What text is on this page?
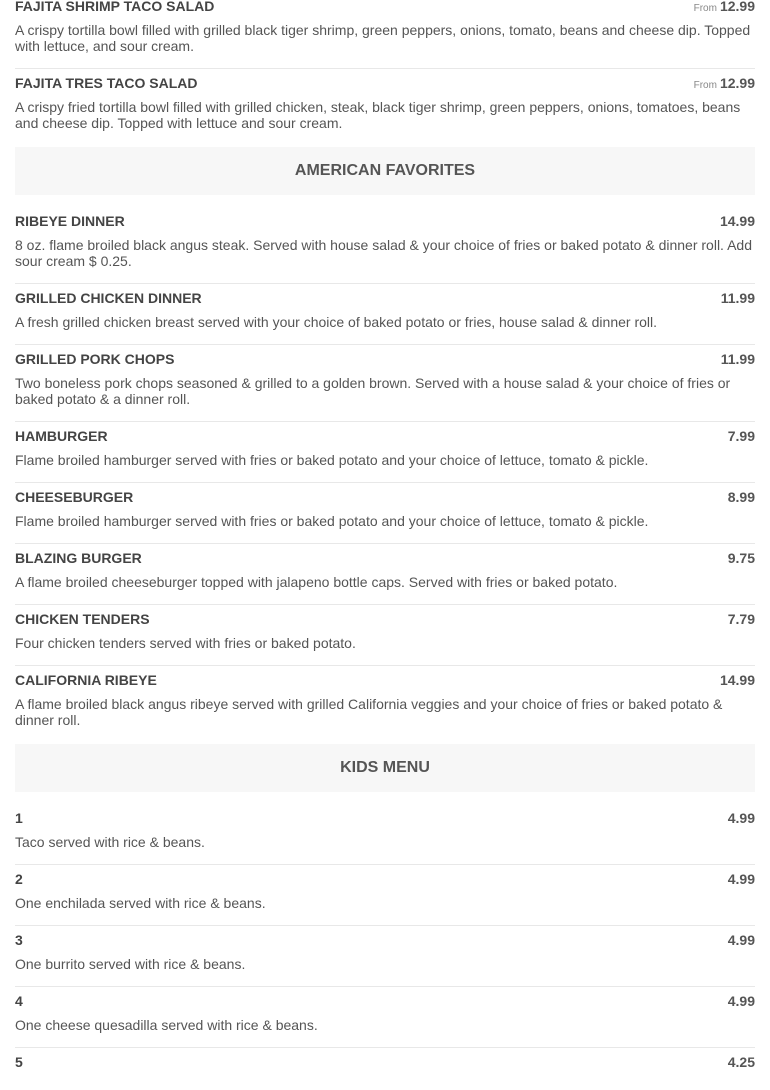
FAJITA SHRIMP TACO SALAD	From 12.99
A crispy tortilla bowl filled with grilled black tiger shrimp, green peppers, onions, tomato, beans and cheese dip. Topped with lettuce, and sour cream.
FAJITA TRES TACO SALAD	From 12.99
A crispy fried tortilla bowl filled with grilled chicken, steak, black tiger shrimp, green peppers, onions, tomatoes, beans and cheese dip. Topped with lettuce and sour cream.
AMERICAN FAVORITES
RIBEYE DINNER	14.99
8 oz. flame broiled black angus steak. Served with house salad & your choice of fries or baked potato & dinner roll. Add sour cream $ 0.25.
GRILLED CHICKEN DINNER	11.99
A fresh grilled chicken breast served with your choice of baked potato or fries, house salad & dinner roll.
GRILLED PORK CHOPS	11.99
Two boneless pork chops seasoned & grilled to a golden brown. Served with a house salad & your choice of fries or baked potato & a dinner roll.
HAMBURGER	7.99
Flame broiled hamburger served with fries or baked potato and your choice of lettuce, tomato & pickle.
CHEESEBURGER	8.99
Flame broiled hamburger served with fries or baked potato and your choice of lettuce, tomato & pickle.
BLAZING BURGER	9.75
A flame broiled cheeseburger topped with jalapeno bottle caps. Served with fries or baked potato.
CHICKEN TENDERS	7.79
Four chicken tenders served with fries or baked potato.
CALIFORNIA RIBEYE	14.99
A flame broiled black angus ribeye served with grilled California veggies and your choice of fries or baked potato & dinner roll.
KIDS MENU
1	4.99
Taco served with rice & beans.
2	4.99
One enchilada served with rice & beans.
3	4.99
One burrito served with rice & beans.
4	4.99
One cheese quesadilla served with rice & beans.
5	4.25
